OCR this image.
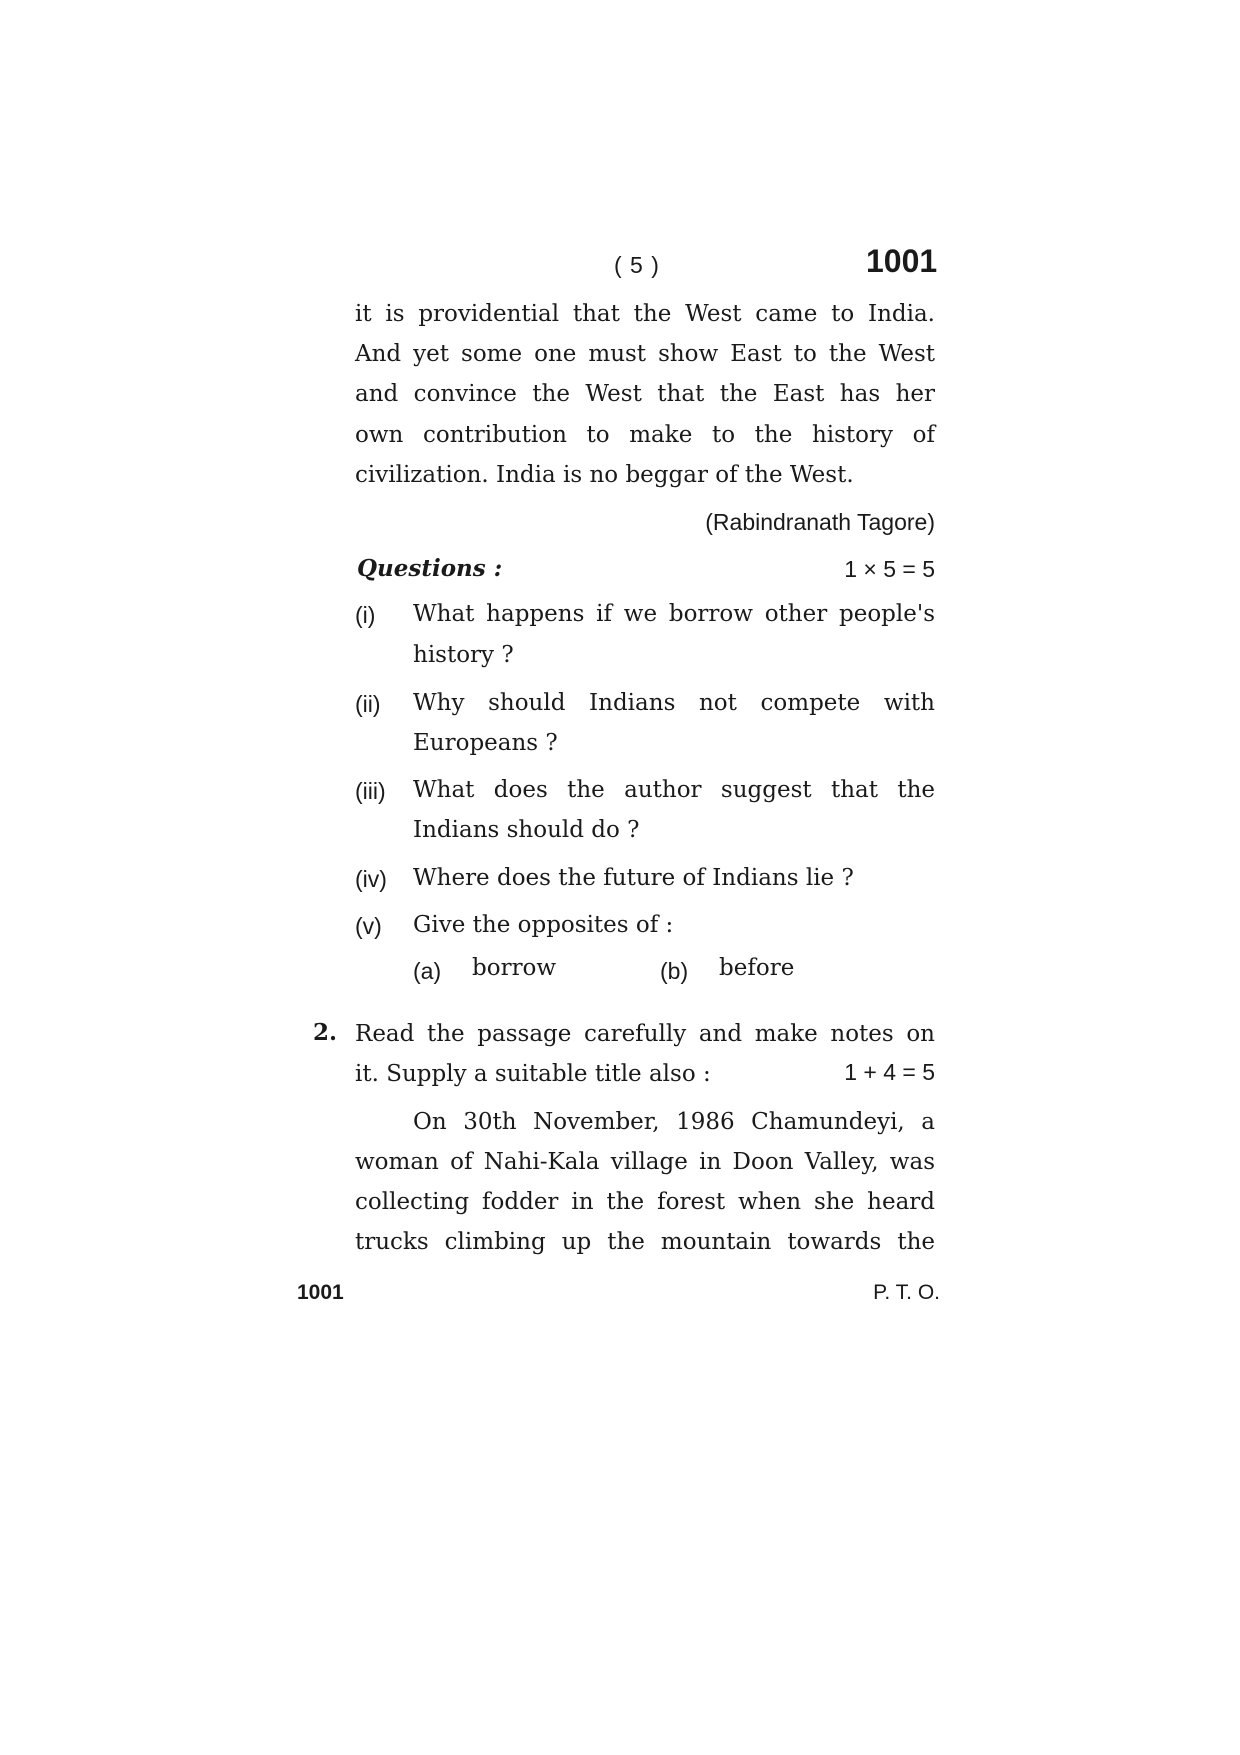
( 5 )	1001
it is providential that the West came to India.
And yet some one must show East to the West
and convince the West that the East has her
own contribution to make to the history of
civilization. India is no beggar of the West.
(Rabindranath Tagore)
Questions :	1 × 5 = 5
(i) What happens if we borrow other people's
history ?
(ii) Why should Indians not compete with
Europeans ?
(iii) What does the author suggest that the
Indians should do ?
(iv) Where does the future of Indians lie ?
(v) Give the opposites of :
(a) borrow	(b) before
2. Read the passage carefully and make notes on
it. Supply a suitable title also :	1 + 4 = 5
On 30th November, 1986 Chamundeyi, a
woman of Nahi-Kala village in Doon Valley, was
collecting fodder in the forest when she heard
trucks climbing up the mountain towards the
1001	P. T. O.
